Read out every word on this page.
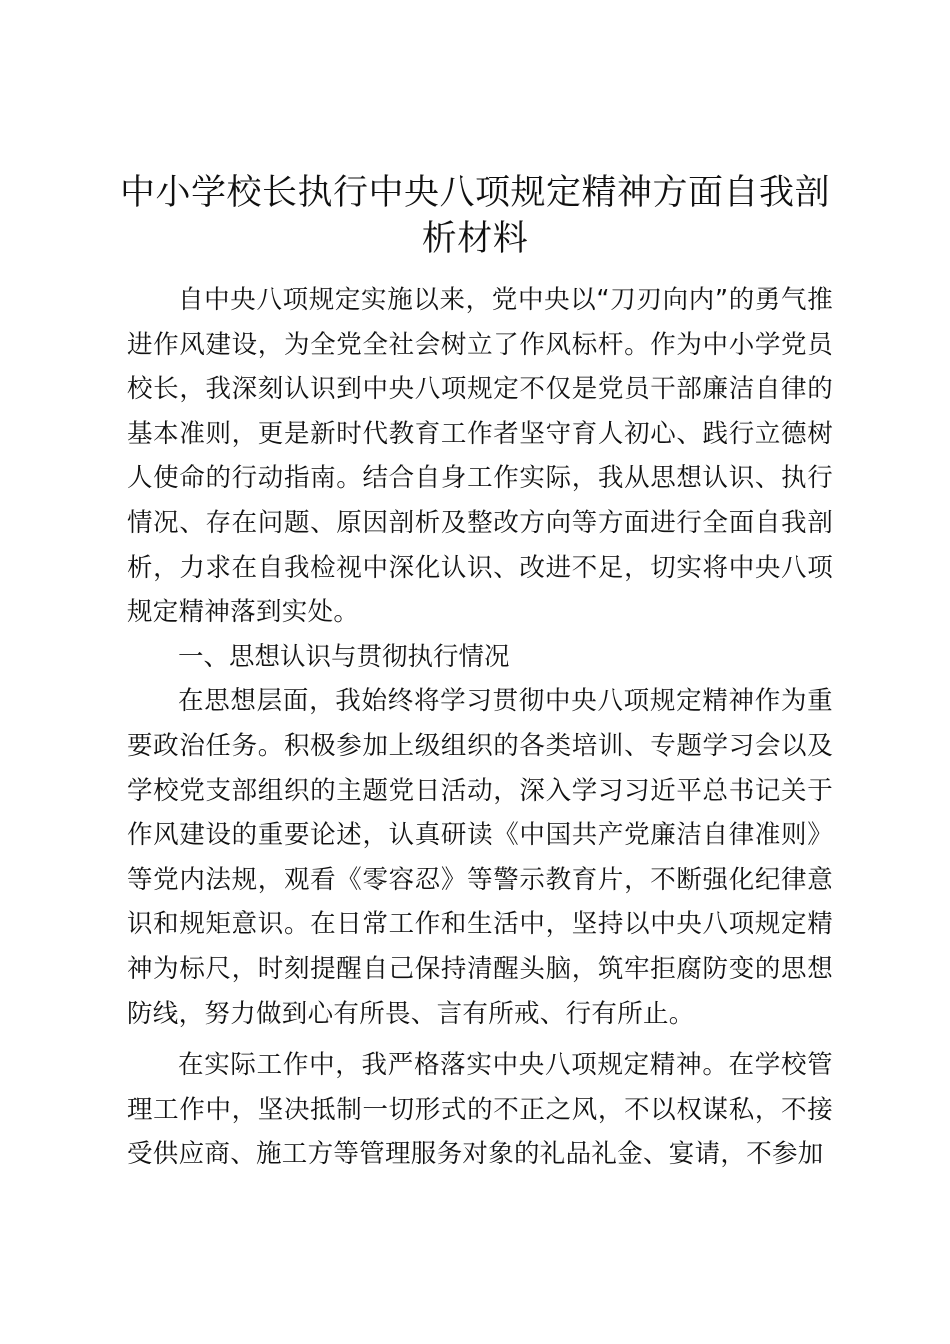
中小学校长执行中央八项规定精神方面自我剖析材料

自中央八项规定实施以来，党中央以“刀刃向内”的勇气推进作风建设，为全党全社会树立了作风标杆。作为中小学党员校长，我深刻认识到中央八项规定不仅是党员干部廉洁自律的基本准则，更是新时代教育工作者坚守育人初心、践行立德树人使命的行动指南。结合自身工作实际，我从思想认识、执行情况、存在问题、原因剖析及整改方向等方面进行全面自我剖析，力求在自我检视中深化认识、改进不足，切实将中央八项规定精神落到实处。

一、思想认识与贯彻执行情况

在思想层面，我始终将学习贯彻中央八项规定精神作为重要政治任务。积极参加上级组织的各类培训、专题学习会以及学校党支部组织的主题党日活动，深入学习习近平总书记关于作风建设的重要论述，认真研读《中国共产党廉洁自律准则》等党内法规，观看《零容忍》等警示教育片，不断强化纪律意识和规矩意识。在日常工作和生活中，坚持以中央八项规定精神为标尺，时刻提醒自己保持清醒头脑，筑牢拒腐防变的思想防线，努力做到心有所畏、言有所戒、行有所止。

在实际工作中，我严格落实中央八项规定精神。在学校管理工作中，坚决抵制一切形式的不正之风，不以权谋私，不接受供应商、施工方等管理服务对象的礼品礼金、宴请，不参加
